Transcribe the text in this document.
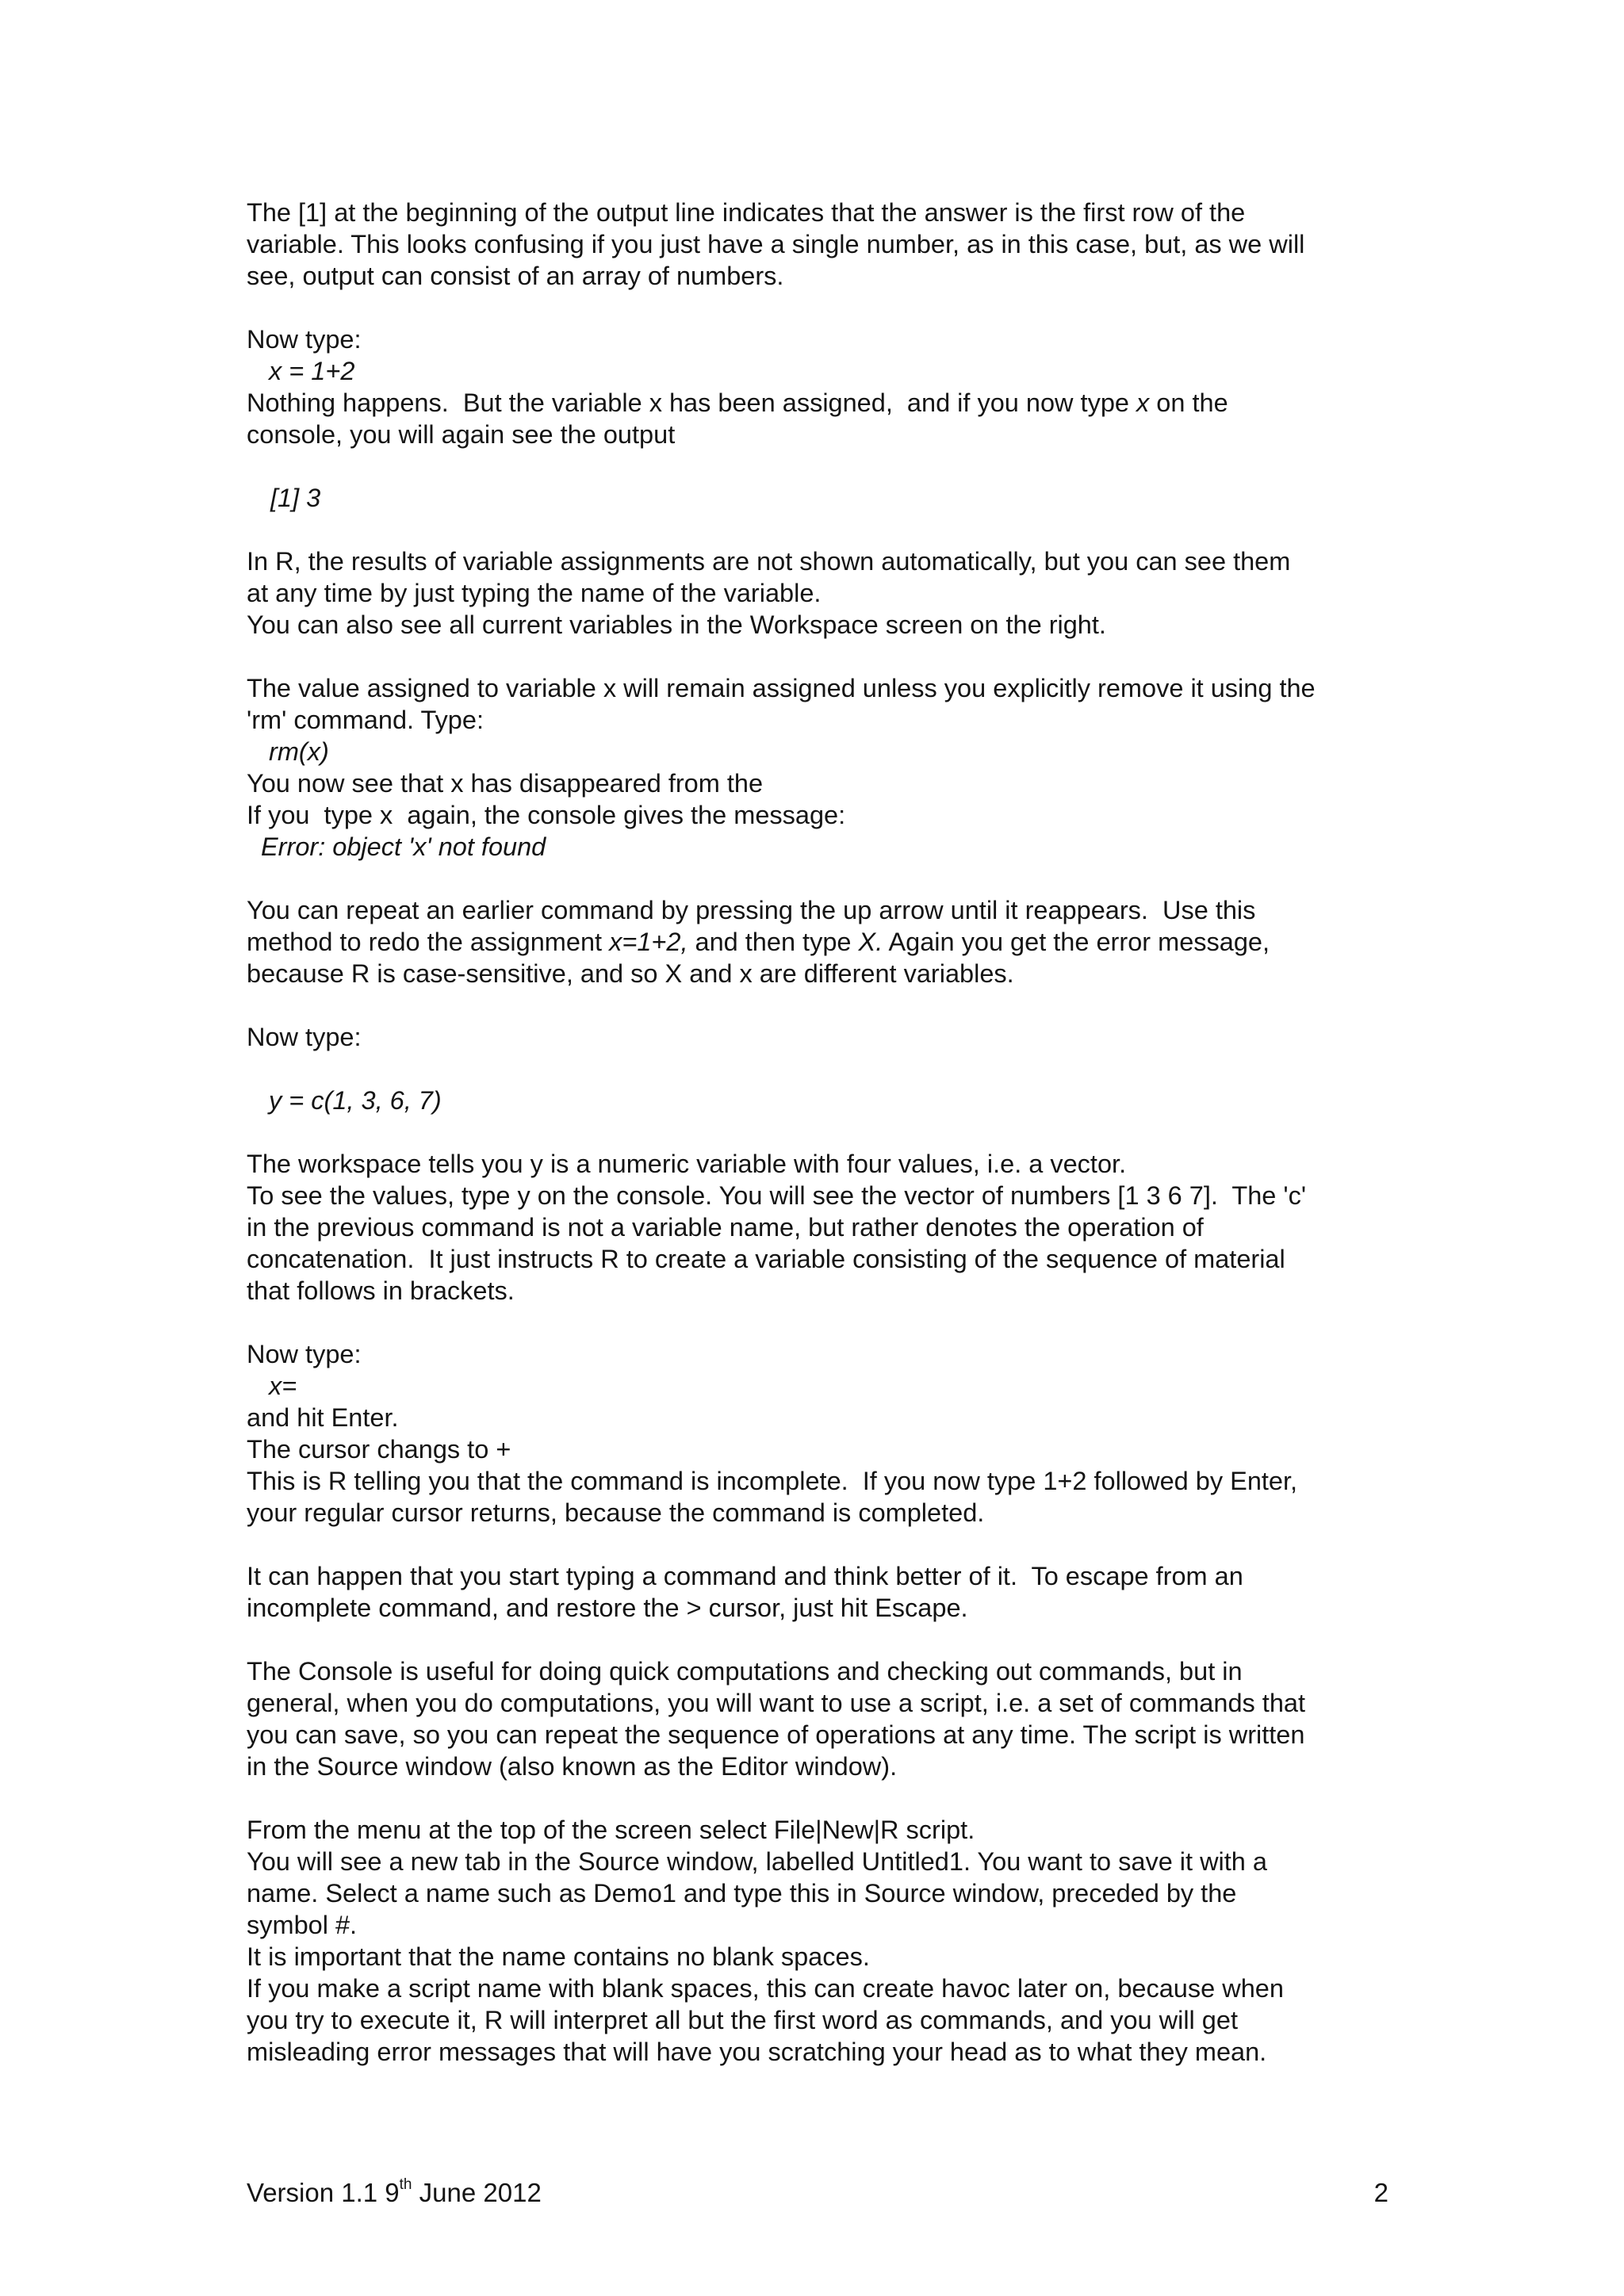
The [1] at the beginning of the output line indicates that the answer is the first row of the
variable. This looks confusing if you just have a single number, as in this case, but, as we will
see, output can consist of an array of numbers.
Now type:
x = 1+2
Nothing happens.  But the variable x has been assigned,  and if you now type x on the
console, you will again see the output
[1] 3
In R, the results of variable assignments are not shown automatically, but you can see them
at any time by just typing the name of the variable.
You can also see all current variables in the Workspace screen on the right.
The value assigned to variable x will remain assigned unless you explicitly remove it using the
'rm' command. Type:
rm(x)
You now see that x has disappeared from the
If you  type x  again, the console gives the message:
Error: object 'x' not found
You can repeat an earlier command by pressing the up arrow until it reappears.  Use this
method to redo the assignment x=1+2, and then type X. Again you get the error message,
because R is case-sensitive, and so X and x are different variables.
Now type:
y = c(1, 3, 6, 7)
The workspace tells you y is a numeric variable with four values, i.e. a vector.
To see the values, type y on the console. You will see the vector of numbers [1 3 6 7].  The 'c'
in the previous command is not a variable name, but rather denotes the operation of
concatenation.  It just instructs R to create a variable consisting of the sequence of material
that follows in brackets.
Now type:
x=
and hit Enter.
The cursor changs to +
This is R telling you that the command is incomplete.  If you now type 1+2 followed by Enter,
your regular cursor returns, because the command is completed.
It can happen that you start typing a command and think better of it.  To escape from an
incomplete command, and restore the > cursor, just hit Escape.
The Console is useful for doing quick computations and checking out commands, but in
general, when you do computations, you will want to use a script, i.e. a set of commands that
you can save, so you can repeat the sequence of operations at any time. The script is written
in the Source window (also known as the Editor window).
From the menu at the top of the screen select File|New|R script.
You will see a new tab in the Source window, labelled Untitled1. You want to save it with a
name. Select a name such as Demo1 and type this in Source window, preceded by the
symbol #.
It is important that the name contains no blank spaces.
If you make a script name with blank spaces, this can create havoc later on, because when
you try to execute it, R will interpret all but the first word as commands, and you will get
misleading error messages that will have you scratching your head as to what they mean.
Version 1.1 9th June 2012	2
